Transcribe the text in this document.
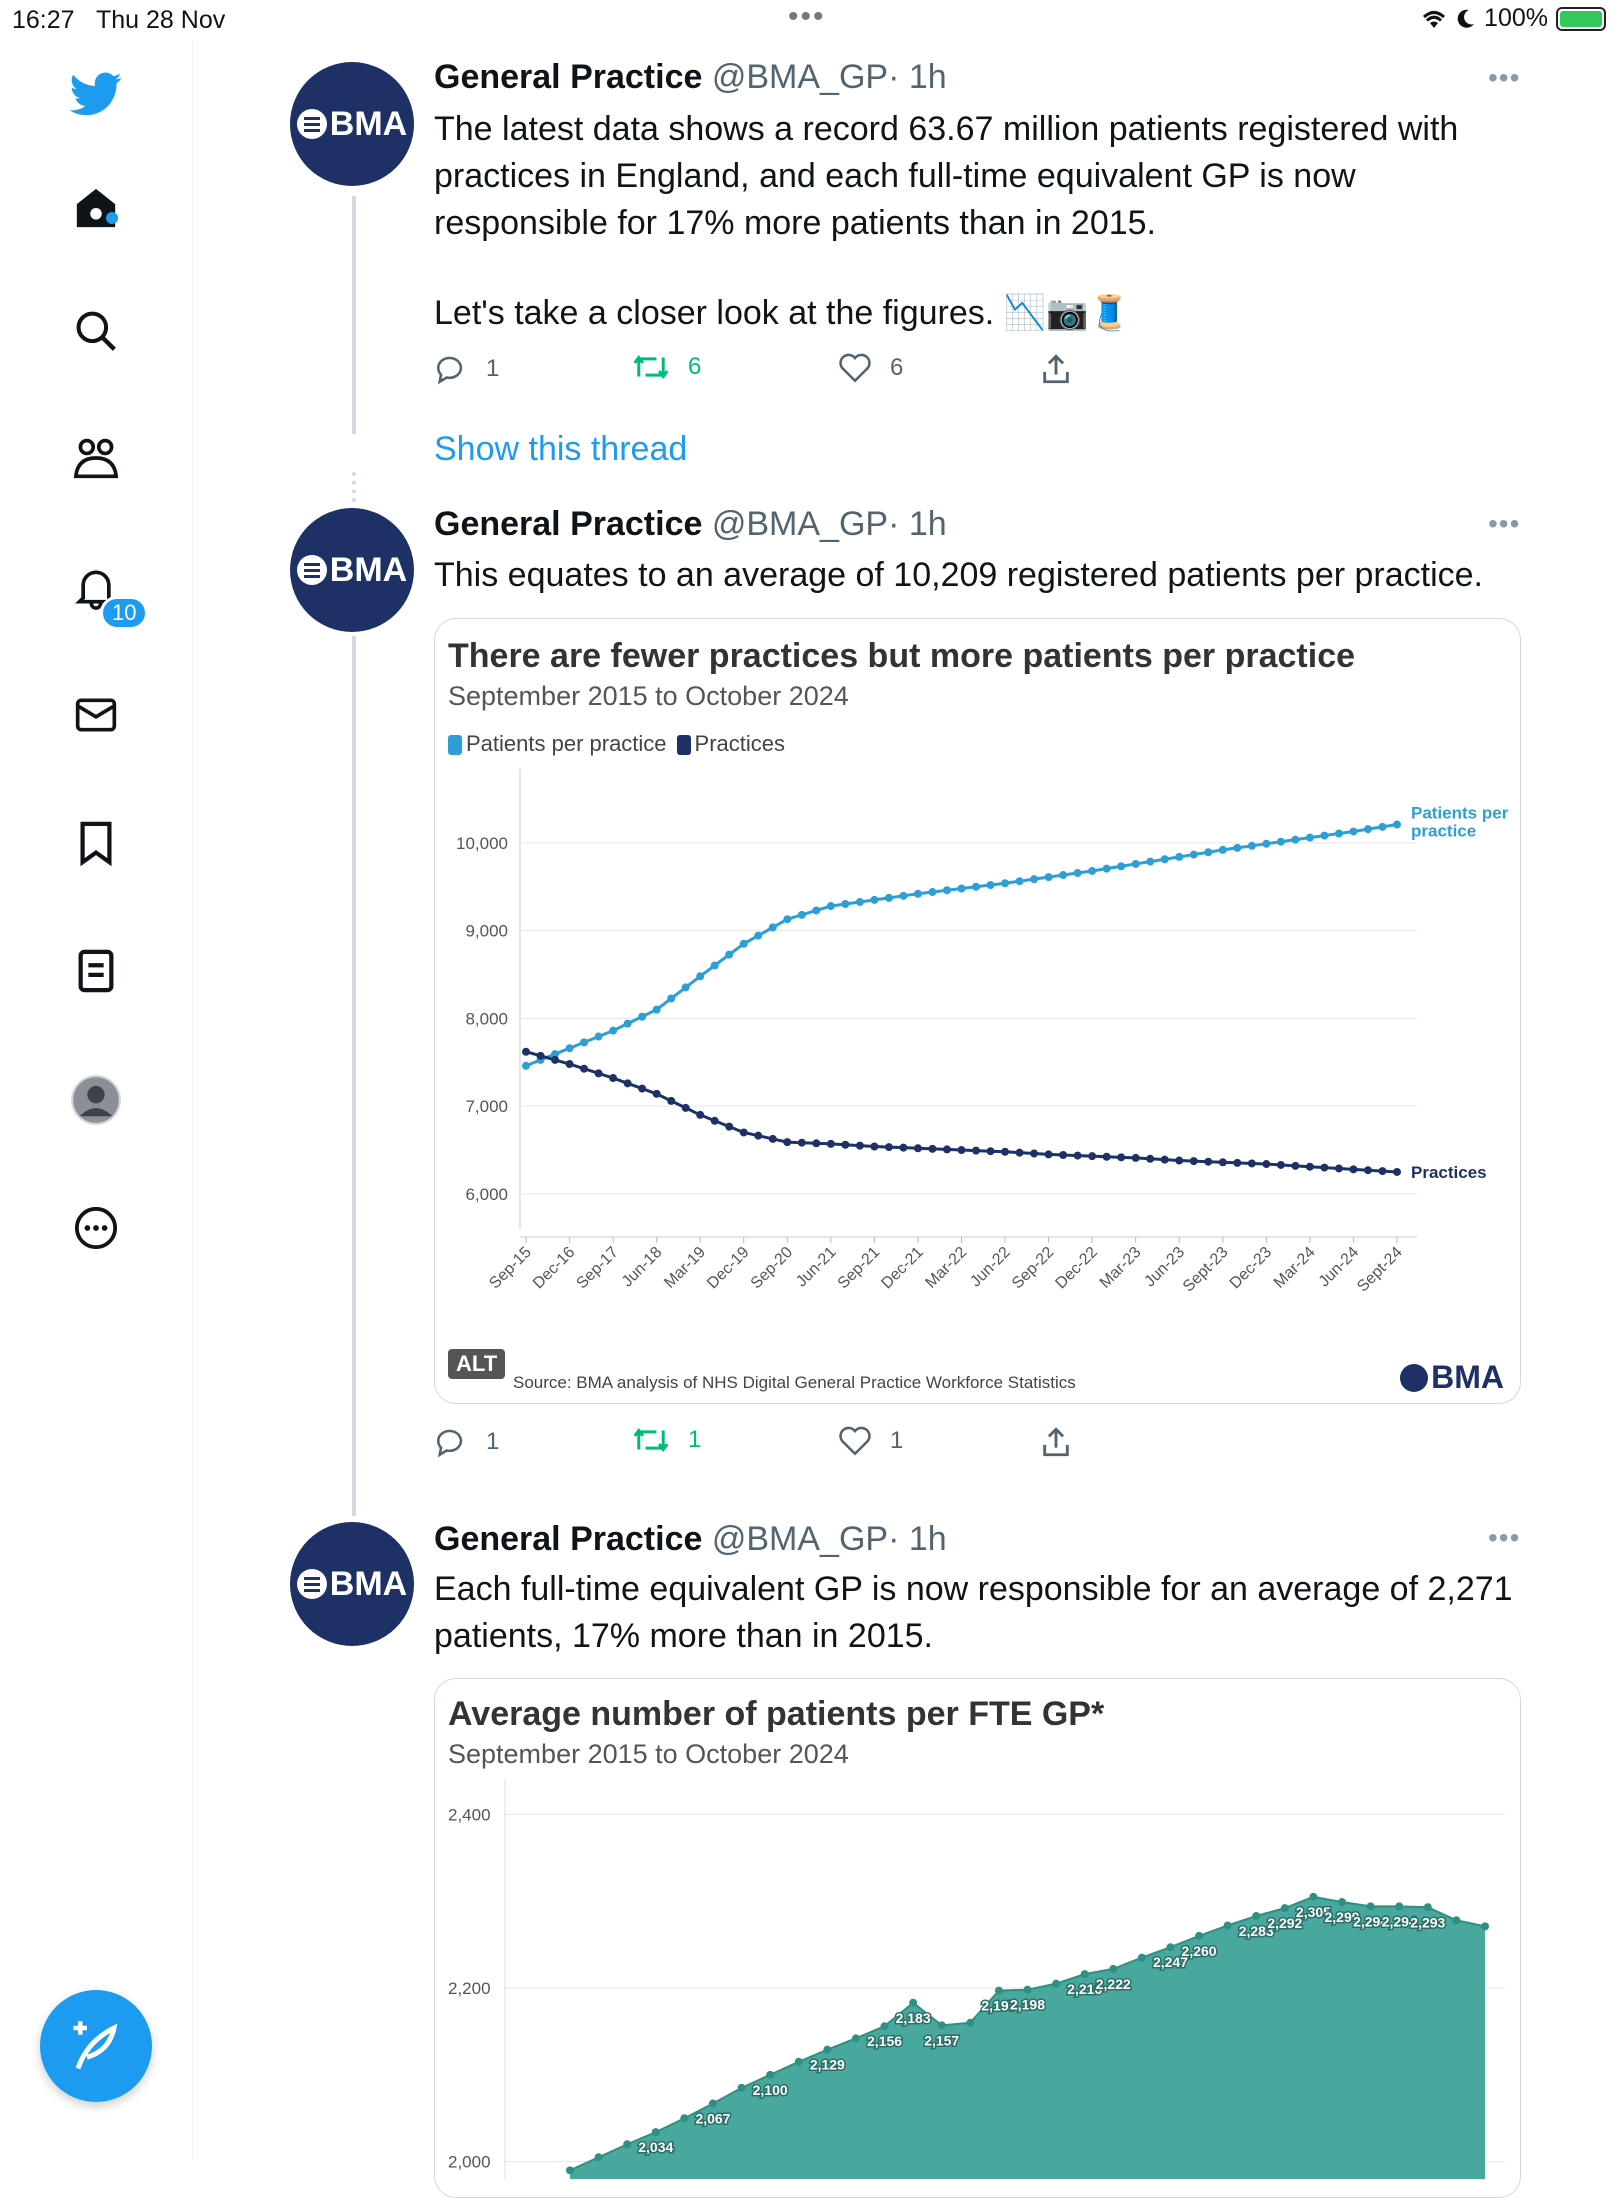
16:27 Thu 28 Nov	•••	100%
10
BMA
General Practice @BMA_GP· 1h	•••
The latest data shows a record 63.67 million patients registered with practices in England, and each full-time equivalent GP is now responsible for 17% more patients than in 2015.
Let's take a closer look at the figures. 📉📷🧵
1	6	6
Show this thread
BMA
General Practice @BMA_GP· 1h	•••
This equates to an average of 10,209 registered patients per practice.
There are fewer practices but more patients per practice
September 2015 to October 2024
Patients per practice	Practices
6,000
7,000
8,000
9,000
10,000
Sep-15
Dec-16
Sep-17
Jun-18
Mar-19
Dec-19
Sep-20
Jun-21
Sep-21
Dec-21
Mar-22
Jun-22
Sep-22
Dec-22
Mar-23
Jun-23
Sept-23
Dec-23
Mar-24
Jun-24
Sept-24
Patients per
practice
Practices
ALT
Source: BMA analysis of NHS Digital General Practice Workforce Statistics	BMA
1	1	1
BMA
General Practice @BMA_GP· 1h	•••
Each full-time equivalent GP is now responsible for an average of 2,271 patients, 17% more than in 2015.
Average number of patients per FTE GP*
September 2015 to October 2024
2,000
2,200
2,400
2,034
2,067
2,100
2,129
2,156
2,183
2,157
2,197
2,198
2,216
2,222
2,247
2,260
2,283
2,292
2,305
2,299
2,294
2,294
2,293
